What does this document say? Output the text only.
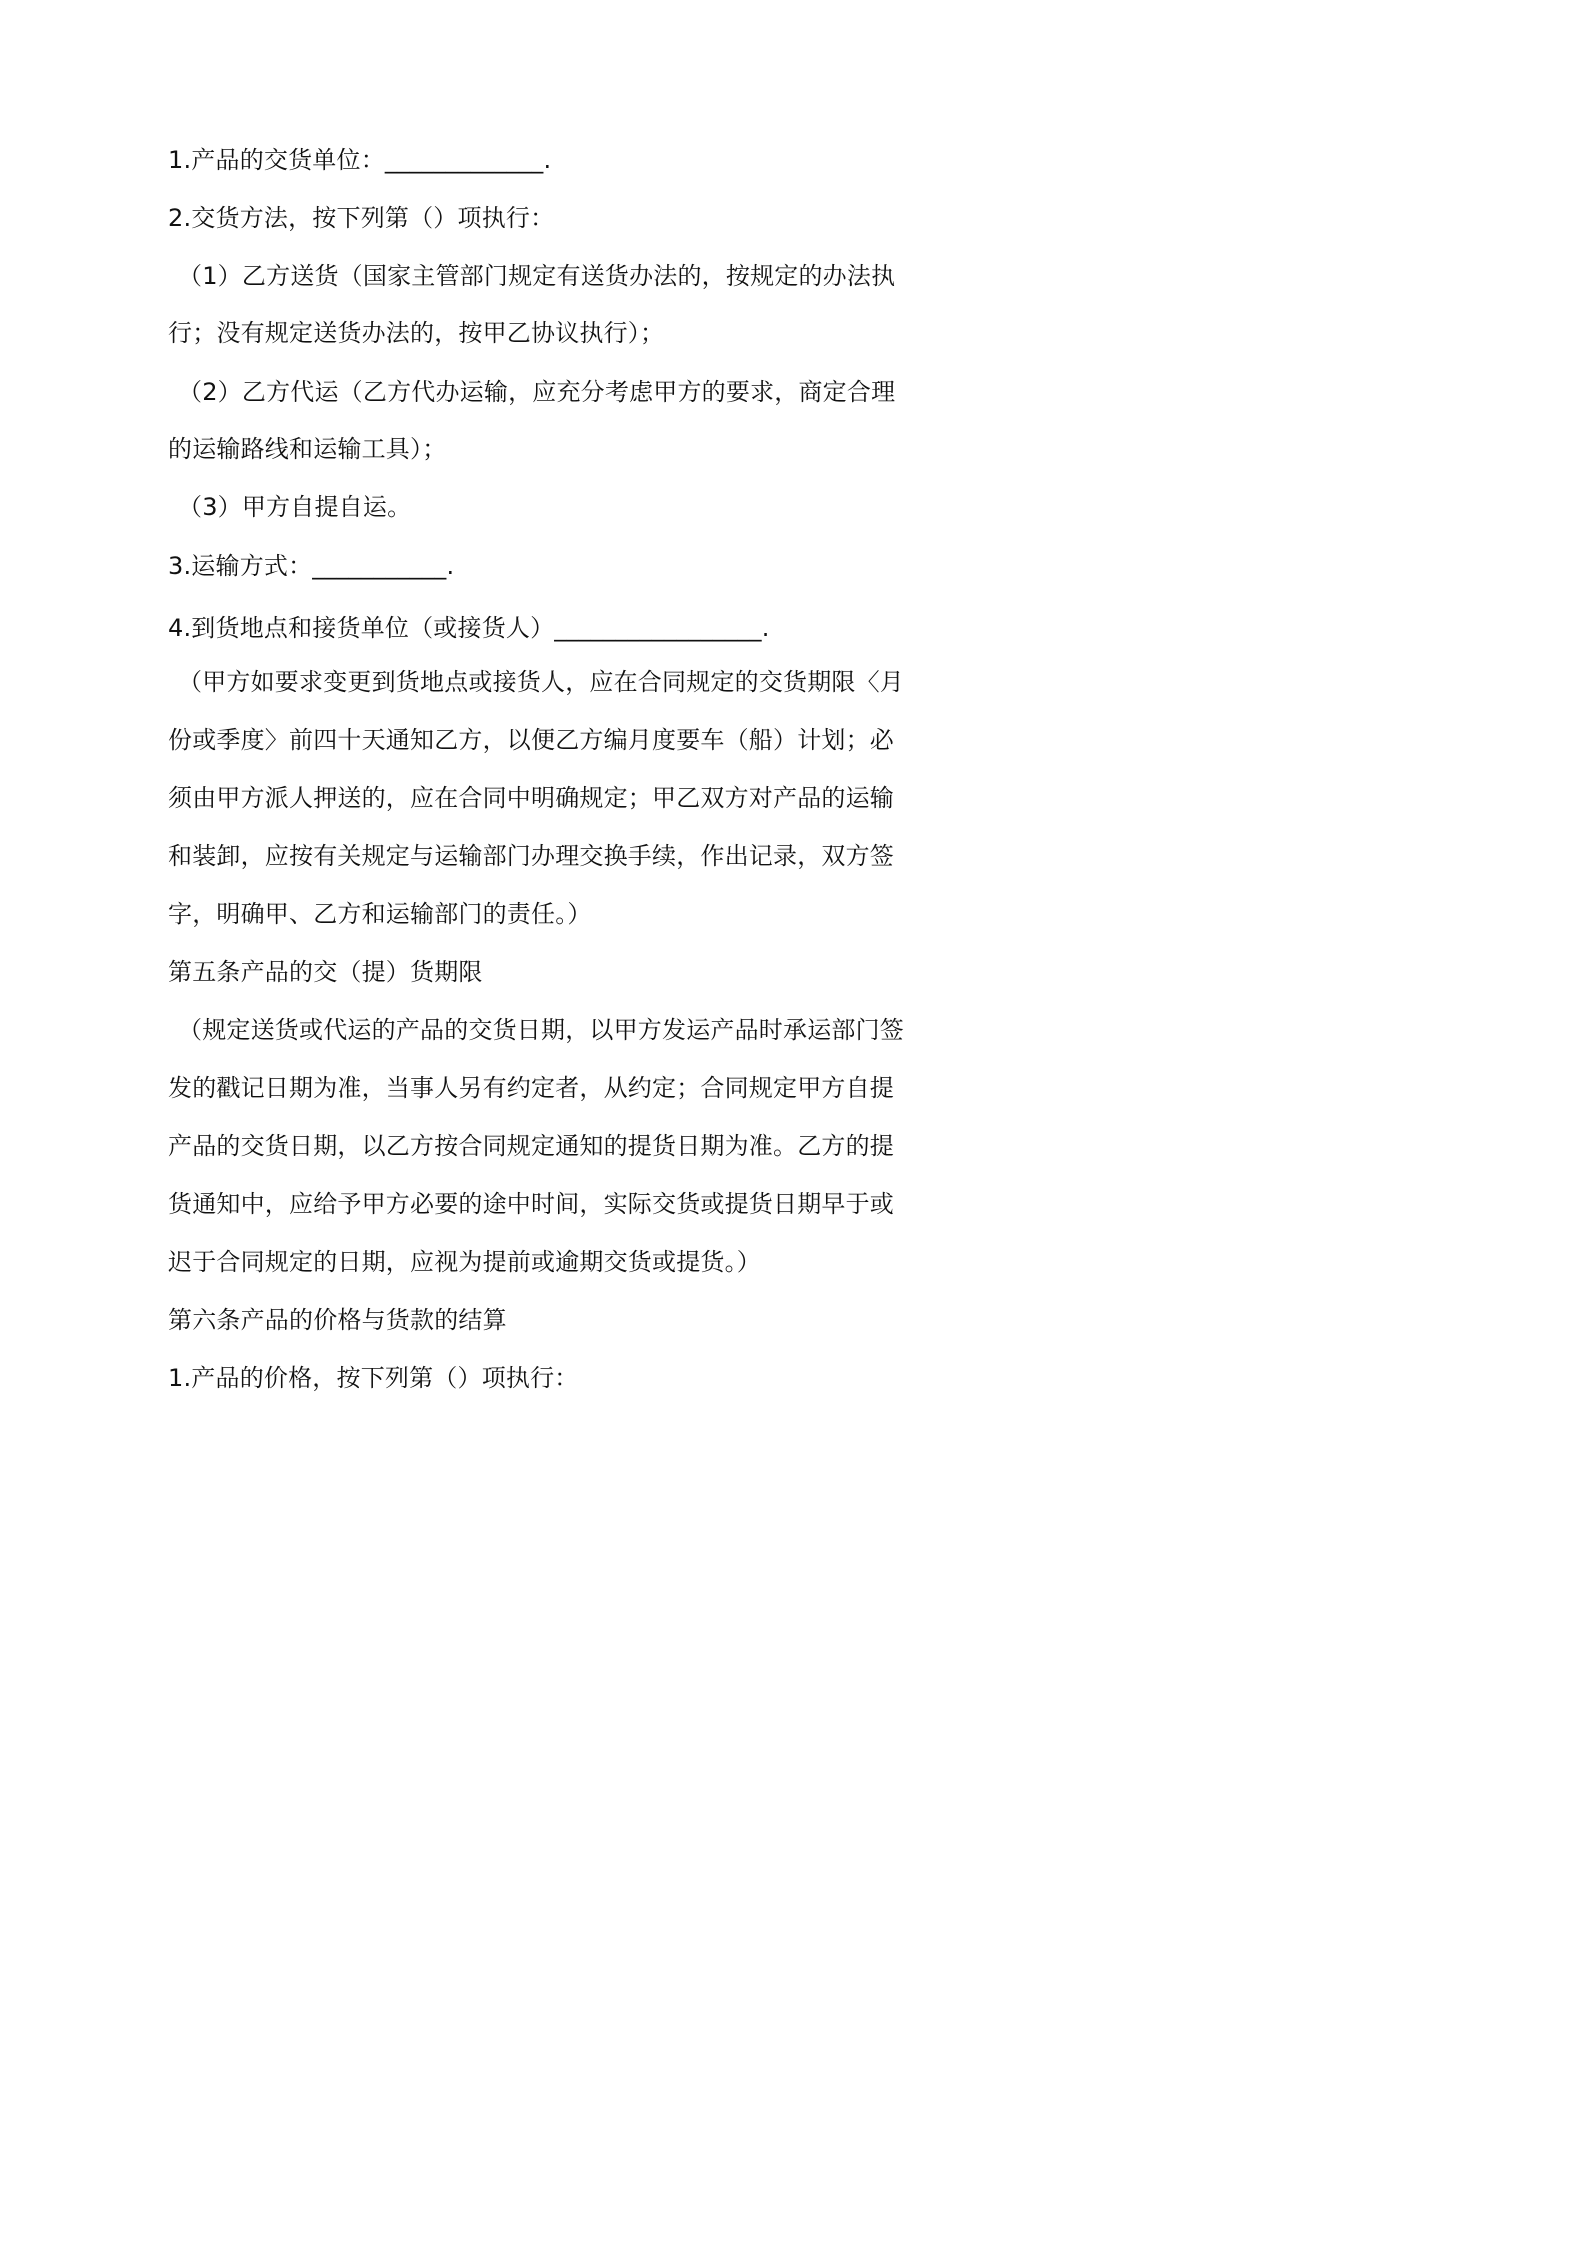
1.产品的交货单位：_____________.
2.交货方法，按下列第（）项执行：
（1）乙方送货（国家主管部门规定有送货办法的，按规定的办法执
行；没有规定送货办法的，按甲乙协议执行）；
（2）乙方代运（乙方代办运输，应充分考虑甲方的要求，商定合理
的运输路线和运输工具）；
（3）甲方自提自运。
3.运输方式：___________.
4.到货地点和接货单位（或接货人）_________________.
（甲方如要求变更到货地点或接货人，应在合同规定的交货期限〈月
份或季度〉前四十天通知乙方，以便乙方编月度要车（船）计划；必
须由甲方派人押送的，应在合同中明确规定；甲乙双方对产品的运输
和装卸，应按有关规定与运输部门办理交换手续，作出记录，双方签
字，明确甲、乙方和运输部门的责任。）
第五条产品的交（提）货期限
（规定送货或代运的产品的交货日期，以甲方发运产品时承运部门签
发的戳记日期为准，当事人另有约定者，从约定；合同规定甲方自提
产品的交货日期，以乙方按合同规定通知的提货日期为准。乙方的提
货通知中，应给予甲方必要的途中时间，实际交货或提货日期早于或
迟于合同规定的日期，应视为提前或逾期交货或提货。）
第六条产品的价格与货款的结算
1.产品的价格，按下列第（）项执行：
